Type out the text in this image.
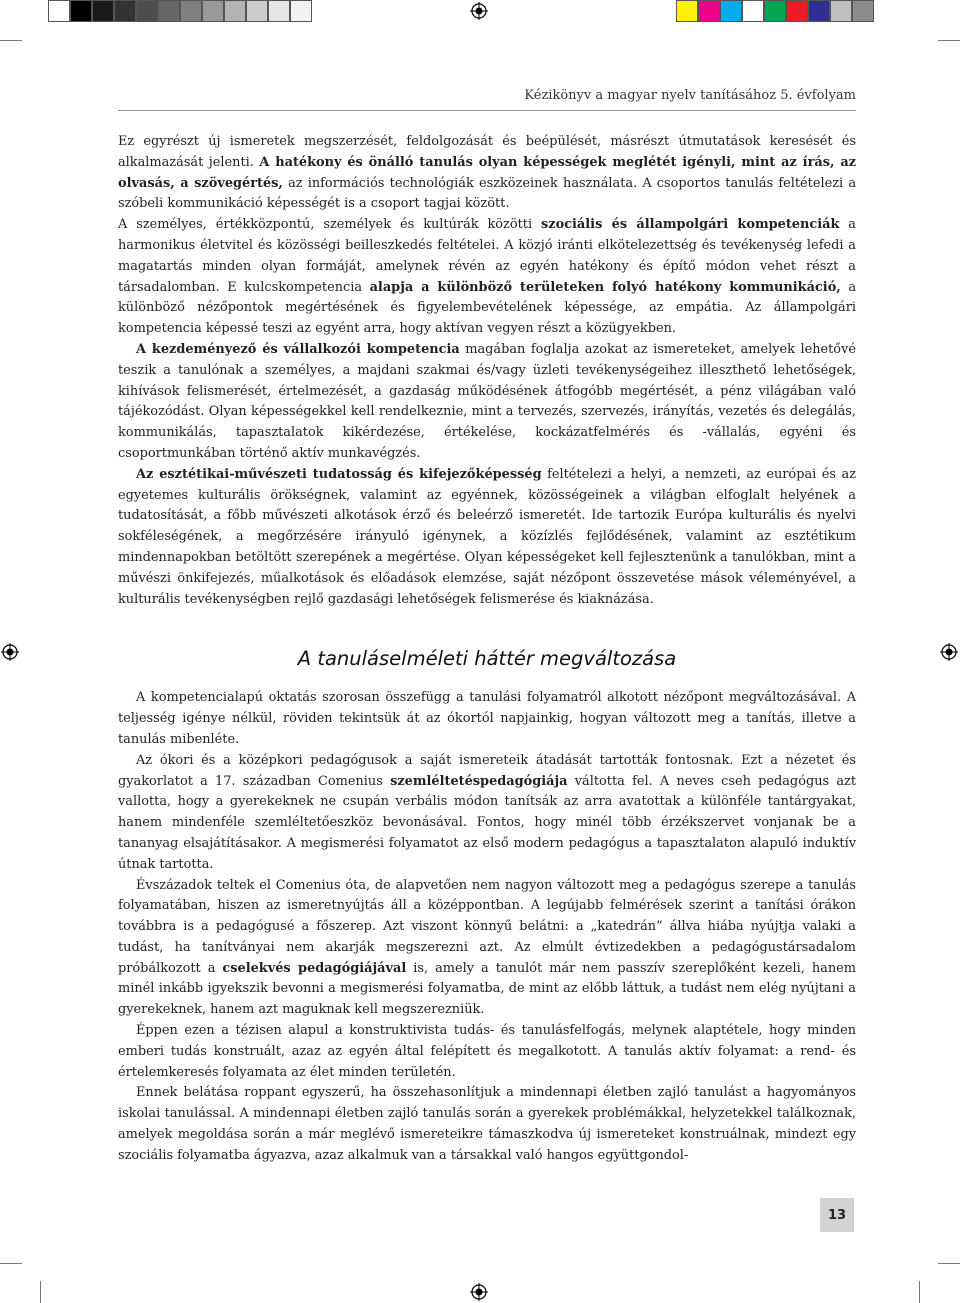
Kézikönyv a magyar nyelv tanításához 5. évfolyam

Ez egyrészt új ismeretek megszerzését, feldolgozását és beépülését, másrészt útmutatások keresését és alkalmazását jelenti. A hatékony és önálló tanulás olyan képességek meglétét igényli, mint az írás, az olvasás, a szövegértés, az információs technológiák eszközeinek használata. A csoportos tanulás feltételezi a szóbeli kommunikáció képességét is a csoport tagjai között.

A személyes, értékközpontú, személyek és kultúrák közötti szociális és állampolgári kompetenciák a harmonikus életvitel és közösségi beilleszkedés feltételei. A közjó iránti elkötelezettség és tevékenység lefedi a magatartás minden olyan formáját, amelynek révén az egyén hatékony és építő módon vehet részt a társadalomban. E kulcskompetencia alapja a különböző területeken folyó hatékony kommunikáció, a különböző nézőpontok megértésének és figyelembevételének képessége, az empátia. Az állampolgári kompetencia képessé teszi az egyént arra, hogy aktívan vegyen részt a közügyekben.

A kezdeményező és vállalkozói kompetencia magában foglalja azokat az ismereteket, amelyek lehetővé teszik a tanulónak a személyes, a majdani szakmai és/vagy üzleti tevékenységeihez illeszthető lehetőségek, kihívások felismerését, értelmezését, a gazdaság működésének átfogóbb megértését, a pénz világában való tájékozódást. Olyan képességekkel kell rendelkeznie, mint a tervezés, szervezés, irányítás, vezetés és delegálás, kommunikálás, tapasztalatok kikérdezése, értékelése, kockázatfelmérés és -vállalás, egyéni és csoportmunkában történő aktív munkavégzés.

Az esztétikai-művészeti tudatosság és kifejezőképesség feltételezi a helyi, a nemzeti, az európai és az egyetemes kulturális örökségnek, valamint az egyénnek, közösségeinek a világban elfoglalt helyének a tudatosítását, a főbb művészeti alkotások érző és beleérző ismeretét. Ide tartozik Európa kulturális és nyelvi sokféleségének, a megőrzésére irányuló igénynek, a közízlés fejlődésének, valamint az esztétikum mindennapokban betöltött szerepének a megértése. Olyan képességeket kell fejlesztenünk a tanulókban, mint a művészi önkifejezés, műalkotások és előadások elemzése, saját nézőpont összevetése mások véleményével, a kulturális tevékenységben rejlő gazdasági lehetőségek felismerése és kiaknázása.

A tanuláselméleti háttér megváltozása

A kompetencialapú oktatás szorosan összefügg a tanulási folyamatról alkotott nézőpont megváltozásával. A teljesség igénye nélkül, röviden tekintsük át az ókortól napjainkig, hogyan változott meg a tanítás, illetve a tanulás mibenléte.

Az ókori és a középkori pedagógusok a saját ismereteik átadását tartották fontosnak. Ezt a nézetet és gyakorlatot a 17. században Comenius szemléltetéspedagógiája váltotta fel. A neves cseh pedagógus azt vallotta, hogy a gyerekeknek ne csupán verbális módon tanítsák az arra avatottak a különféle tantárgyakat, hanem mindenféle szemléltetőeszköz bevonásával. Fontos, hogy minél több érzékszervet vonjanak be a tananyag elsajátításakor. A megismerési folyamatot az első modern pedagógus a tapasztalaton alapuló induktív útnak tartotta.

Évszázadok teltek el Comenius óta, de alapvetően nem nagyon változott meg a pedagógus szerepe a tanulás folyamatában, hiszen az ismeretnyújtás áll a középpontban. A legújabb felmérések szerint a tanítási órákon továbbra is a pedagógusé a főszerep. Azt viszont könnyű belátni: a „katedrán” állva hiába nyújtja valaki a tudást, ha tanítványai nem akarják megszerezni azt. Az elmúlt évtizedekben a pedagógustársadalom próbálkozott a cselekvés pedagógiájával is, amely a tanulót már nem passzív szereplőként kezeli, hanem minél inkább igyekszik bevonni a megismerési folyamatba, de mint az előbb láttuk, a tudást nem elég nyújtani a gyerekeknek, hanem azt maguknak kell megszerezniük.

Éppen ezen a tézisen alapul a konstruktivista tudás- és tanulásfelfogás, melynek alaptétele, hogy minden emberi tudás konstruált, azaz az egyén által felépített és megalkotott. A tanulás aktív folyamat: a rend- és értelemkeresés folyamata az élet minden területén.

Ennek belátása roppant egyszerű, ha összehasonlítjuk a mindennapi életben zajló tanulást a hagyományos iskolai tanulással. A mindennapi életben zajló tanulás során a gyerekek problémákkal, helyzetekkel találkoznak, amelyek megoldása során a már meglévő ismereteikre támaszkodva új ismereteket konstruálnak, mindezt egy szociális folyamatba ágyazva, azaz alkalmuk van a társakkal való hangos együttgondol-

13
